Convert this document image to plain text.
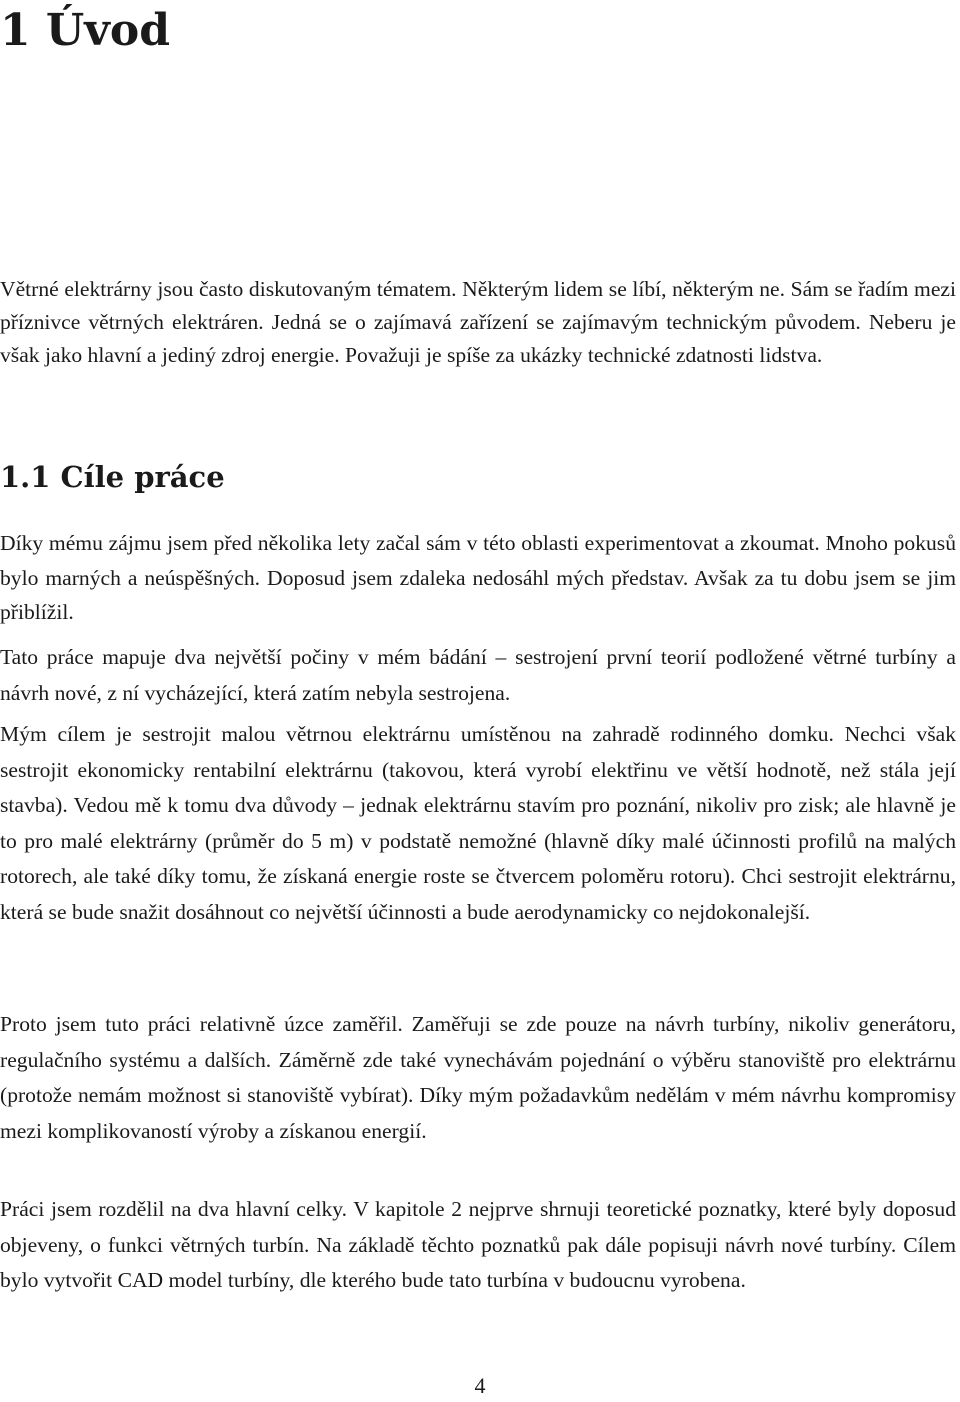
1 Úvod

Větrné elektrárny jsou často diskutovaným tématem. Některým lidem se líbí, některým ne. Sám se řadím mezi příznivce větrných elektráren. Jedná se o zajímavá zařízení se zajímavým technickým původem. Neberu je však jako hlavní a jediný zdroj energie. Považuji je spíše za ukázky technické zdatnosti lidstva.

1.1 Cíle práce

Díky mému zájmu jsem před několika lety začal sám v této oblasti experimentovat a zkoumat. Mnoho pokusů bylo marných a neúspěšných. Doposud jsem zdaleka nedosáhl mých představ. Avšak za tu dobu jsem se jim přiblížil.

Tato práce mapuje dva největší počiny v mém bádání – sestrojení první teorií podložené větrné turbíny a návrh nové, z ní vycházející, která zatím nebyla sestrojena.

Mým cílem je sestrojit malou větrnou elektrárnu umístěnou na zahradě rodinného domku. Nechci však sestrojit ekonomicky rentabilní elektrárnu (takovou, která vyrobí elektřinu ve větší hodnotě, než stála její stavba). Vedou mě k tomu dva důvody – jednak elektrárnu stavím pro poznání, nikoliv pro zisk; ale hlavně je to pro malé elektrárny (průměr do 5 m) v podstatě nemožné (hlavně díky malé účinnosti profilů na malých rotorech, ale také díky tomu, že získaná energie roste se čtvercem poloměru rotoru). Chci sestrojit elektrárnu, která se bude snažit dosáhnout co největší účinnosti a bude aerodynamicky co nejdokonalejší.

Proto jsem tuto práci relativně úzce zaměřil. Zaměřuji se zde pouze na návrh turbíny, nikoliv generátoru, regulačního systému a dalších. Záměrně zde také vynechávám pojednání o výběru stanoviště pro elektrárnu (protože nemám možnost si stanoviště vybírat). Díky mým požadavkům nedělám v mém návrhu kompromisy mezi komplikovaností výroby a získanou energií.

Práci jsem rozdělil na dva hlavní celky. V kapitole 2 nejprve shrnuji teoretické poznatky, které byly doposud objeveny, o funkci větrných turbín. Na základě těchto poznatků pak dále popisuji návrh nové turbíny. Cílem bylo vytvořit CAD model turbíny, dle kterého bude tato turbína v budoucnu vyrobena.

4
